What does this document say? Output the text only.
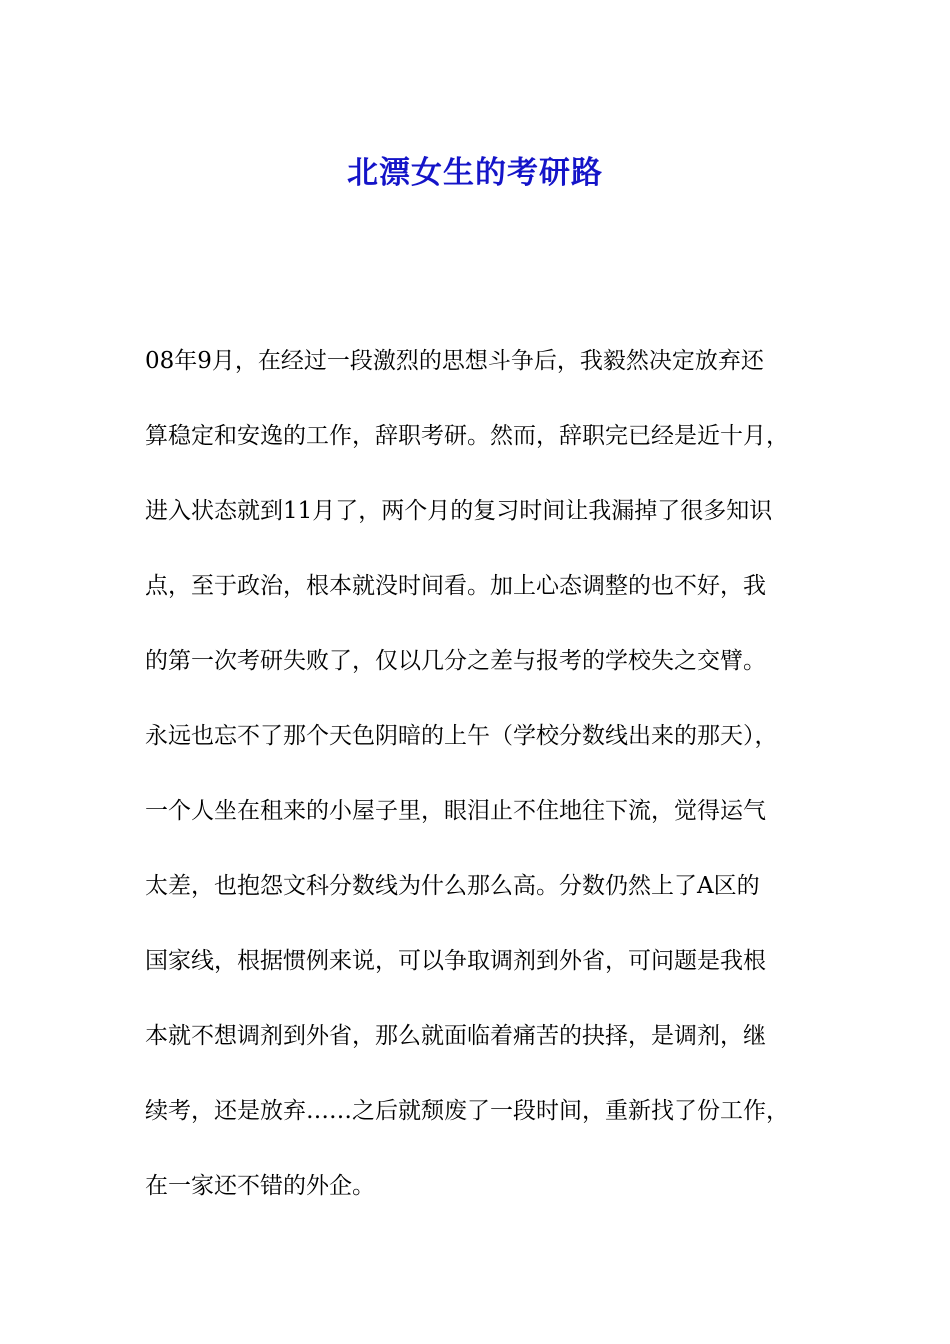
北漂女生的考研路
08年9月，在经过一段激烈的思想斗争后，我毅然决定放弃还
算稳定和安逸的工作，辞职考研。然而，辞职完已经是近十月，
进入状态就到11月了，两个月的复习时间让我漏掉了很多知识
点，至于政治，根本就没时间看。加上心态调整的也不好，我
的第一次考研失败了，仅以几分之差与报考的学校失之交臂。
永远也忘不了那个天色阴暗的上午（学校分数线出来的那天），
一个人坐在租来的小屋子里，眼泪止不住地往下流，觉得运气
太差，也抱怨文科分数线为什么那么高。分数仍然上了A区的
国家线，根据惯例来说，可以争取调剂到外省，可问题是我根
本就不想调剂到外省，那么就面临着痛苦的抉择，是调剂，继
续考，还是放弃……之后就颓废了一段时间，重新找了份工作，
在一家还不错的外企。
